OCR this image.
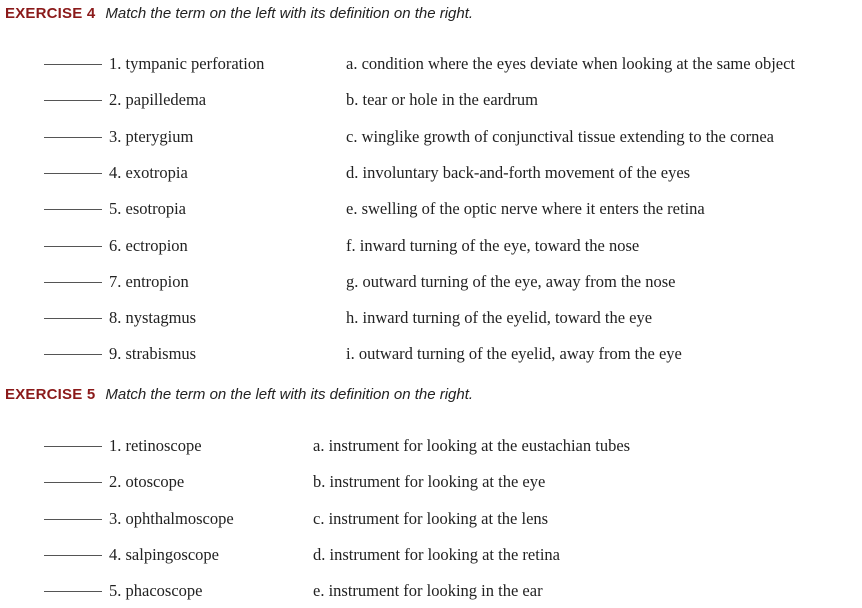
EXERCISE 4 Match the term on the left with its definition on the right.
1. tympanic perforation	a. condition where the eyes deviate when looking at the same object
2. papilledema	b. tear or hole in the eardrum
3. pterygium	c. winglike growth of conjunctival tissue extending to the cornea
4. exotropia	d. involuntary back-and-forth movement of the eyes
5. esotropia	e. swelling of the optic nerve where it enters the retina
6. ectropion	f. inward turning of the eye, toward the nose
7. entropion	g. outward turning of the eye, away from the nose
8. nystagmus	h. inward turning of the eyelid, toward the eye
9. strabismus	i. outward turning of the eyelid, away from the eye
EXERCISE 5 Match the term on the left with its definition on the right.
1. retinoscope	a. instrument for looking at the eustachian tubes
2. otoscope	b. instrument for looking at the eye
3. ophthalmoscope	c. instrument for looking at the lens
4. salpingoscope	d. instrument for looking at the retina
5. phacoscope	e. instrument for looking in the ear
